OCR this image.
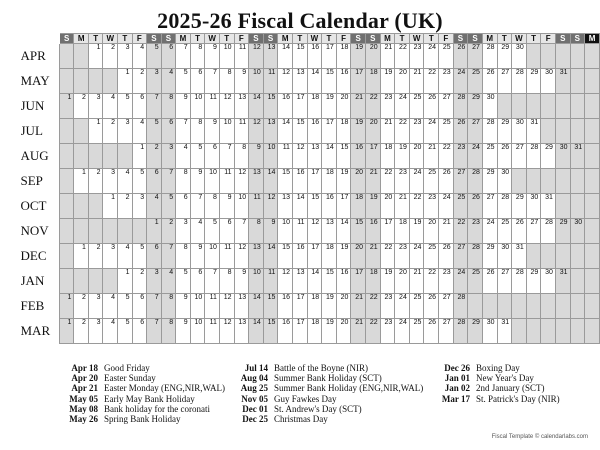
2025-26 Fiscal Calendar (UK)
	S	M	T	W	T	F	S	S	M	T	W	T	F	S	S	M	T	W	T	F	S	S	M	T	W	T	F	S	S	M	T	W	T	F	S	S	M
APR			1	2	3	4	5	6	7	8	9	10	11	12	13	14	15	16	17	18	19	20	21	22	23	24	25	26	27	28	29	30					
MAY					1	2	3	4	5	6	7	8	9	10	11	12	13	14	15	16	17	18	19	20	21	22	23	24	25	26	27	28	29	30	31		
JUN	1	2	3	4	5	6	7	8	9	10	11	12	13	14	15	16	17	18	19	20	21	22	23	24	25	26	27	28	29	30							
JUL			1	2	3	4	5	6	7	8	9	10	11	12	13	14	15	16	17	18	19	20	21	22	23	24	25	26	27	28	29	30	31				
AUG						1	2	3	4	5	6	7	8	9	10	11	12	13	14	15	16	17	18	19	20	21	22	23	24	25	26	27	28	29	30	31	
SEP		1	2	3	4	5	6	7	8	9	10	11	12	13	14	15	16	17	18	19	20	21	22	23	24	25	26	27	28	29	30						
OCT				1	2	3	4	5	6	7	8	9	10	11	12	13	14	15	16	17	18	19	20	21	22	23	24	25	26	27	28	29	30	31			
NOV							1	2	3	4	5	6	7	8	9	10	11	12	13	14	15	16	17	18	19	20	21	22	23	24	25	26	27	28	29	30	
DEC		1	2	3	4	5	6	7	8	9	10	11	12	13	14	15	16	17	18	19	20	21	22	23	24	25	26	27	28	29	30	31					
JAN					1	2	3	4	5	6	7	8	9	10	11	12	13	14	15	16	17	18	19	20	21	22	23	24	25	26	27	28	29	30	31		
FEB	1	2	3	4	5	6	7	8	9	10	11	12	13	14	15	16	17	18	19	20	21	22	23	24	25	26	27	28									
MAR	1	2	3	4	5	6	7	8	9	10	11	12	13	14	15	16	17	18	19	20	21	22	23	24	25	26	27	28	29	30	31						
Apr 18 Good Friday
Apr 20 Easter Sunday
Apr 21 Easter Monday (ENG,NIR,WAL)
May 05 Early May Bank Holiday
May 08 Bank holiday for the coronati
May 26 Spring Bank Holiday
Jul 14 Battle of the Boyne (NIR)
Aug 04 Summer Bank Holiday (SCT)
Aug 25 Summer Bank Holiday (ENG,NIR,WAL)
Nov 05 Guy Fawkes Day
Dec 01 St. Andrew's Day (SCT)
Dec 25 Christmas Day
Dec 26 Boxing Day
Jan 01 New Year's Day
Jan 02 2nd January (SCT)
Mar 17 St. Patrick's Day (NIR)
Fiscal Template © calendarlabs.com
